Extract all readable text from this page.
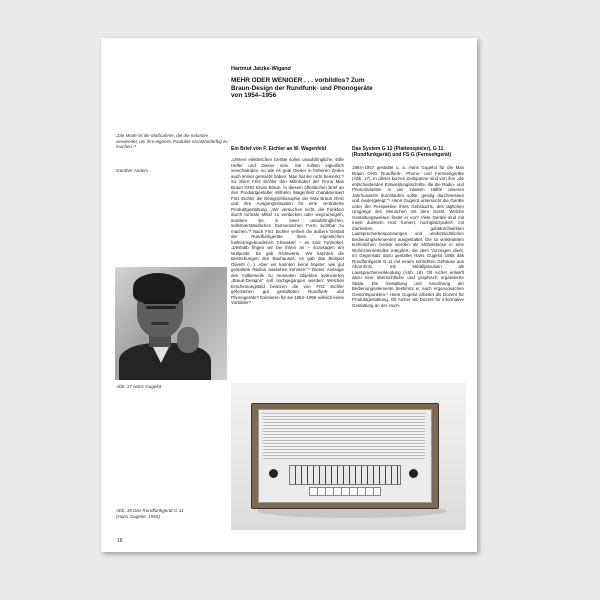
Hartmut Jatzke-Wigand
MEHR ODER WENIGER . . . vorbildlos? Zum Braun-Design der Rundfunk- und Phonogeräte von 1954–1956
„Die Mode ist die Maßnahme, die die Industrie verwendet, um ihre eigenen Produkte ersatzbedürftig zu machen.“¹
Günther Anders
Ein Brief von F. Eichler an W. Wagenfeld
„Unsere elektrischen Geräte sollen unaufdringliche, stille Helfer und Diener sein. Sie sollten eigentlich verschwinden, so wie es gute Diener in früheren Zeiten auch immer gemacht haben. Man hat sie nicht bemerkt.“² So zitiert Fritz Eichler den Mitinhaber der Firma Max Braun OHG Erwin Braun. In diesem öffentlichen Brief an den Produktgestalter Wilhelm Wagenfeld charakterisiert Fritz Eichler die Designphilosophie der Max Braun OHG und ihre Ausgangssituation für eine veränderte Produktgestaltung. „Wir versuchen nicht, die Funktion durch formale Mittel zu verdecken oder wegzumogeln, sondern sie in einer unaufdringlichen, selbstverständlichen harmonischen Form sichtbar zu machen.“³ Nach Fritz Eichler verliert die äußere Gestalt der Rundfunkgeräte ihren eigentlichen funktionsgebundenen Charakter – es sind Tonmöbel. „Deshalb fingen wir bei ihnen an – sozusagen am Nullpunkt. Es gab Richtwerte. Wir kannten die Bestrebungen des Bauhauses, es gab das Beispiel Olivetti (…). Aber wir kannten keine Muster, wie gut gestaltete Radios aussehen könnten.“⁴ Dieser Aussage des mittlerweile zu musealen Objekten avancierten „Braun-Designs“ soll nachgegangen werden: Welches Erscheinungsbild besitzen die von Fritz Eichler geforderten ‚gut gestalteten‘ Rundfunk- und Phonogeräte? Existieren für sie 1954–1956 wirklich keine Vorbilder?
Das System G 12 (Plattenspieler), G 11 (Rundfunkgerät) und FS-G (Fernsehgerät)
1954–1957 gestaltet u. a. Hans Gugelot für die Max Braun OHG Rundfunk-, Phono- und Fernsehgeräte (Abb. 17). In dieser kurzen Zeitspanne sind von ihm „die entscheidenden Entwicklungsschritte, die die Radio- und Phonoindustrie in der zweiten Hälfte unseres Jahrhunderts durchlaufen sollte, geistig durchmessen und niedergelegt.“⁵ Hans Gugelot untersucht die Geräte unter der Perspektive ihres Gebrauchs, des täglichen Umgangs des Menschen mit dem Gerät. Welche Gestaltungsweisen findet er vor? Viele Geräte sind mit meist dunklem Holz furniert, hochglanzpoliert, mit Zierleisten, golddurchwirkten Lautsprecherbespannungen und unübersichtlichen Bedienungselementen ausgestattet. Die so verkleideten technischen Geräte werden als Möbelstücke in eine Wohnzimmerkultur integriert, die dem Vorzeigen dient. Im Gegensatz dazu gestaltet Hans Gugelot 1955 das Rundfunkgerät G 11 mit einem schlichten Gehäuse aus Ahornholz, mit Metalljalousien als Lautsprecherverkleidung (Abb. 18). Otl Aicher entwirft dazu eine übersichtliche und graphisch organisierte Skala. Die Gestaltung und Anordnung der Bedienungselemente bestimmt er nach ergonomischen Gesichtspunkten.⁶ Hans Gugelot arbeitet als Dozent für Produktgestaltung, Otl Aicher als Dozent für informative Gestaltung an der Hoch-
Abb. 17 Hans Gugelot
Abb. 18 Das Rundfunkgerät G 11
(Hans Gugelot, 1955)
18
